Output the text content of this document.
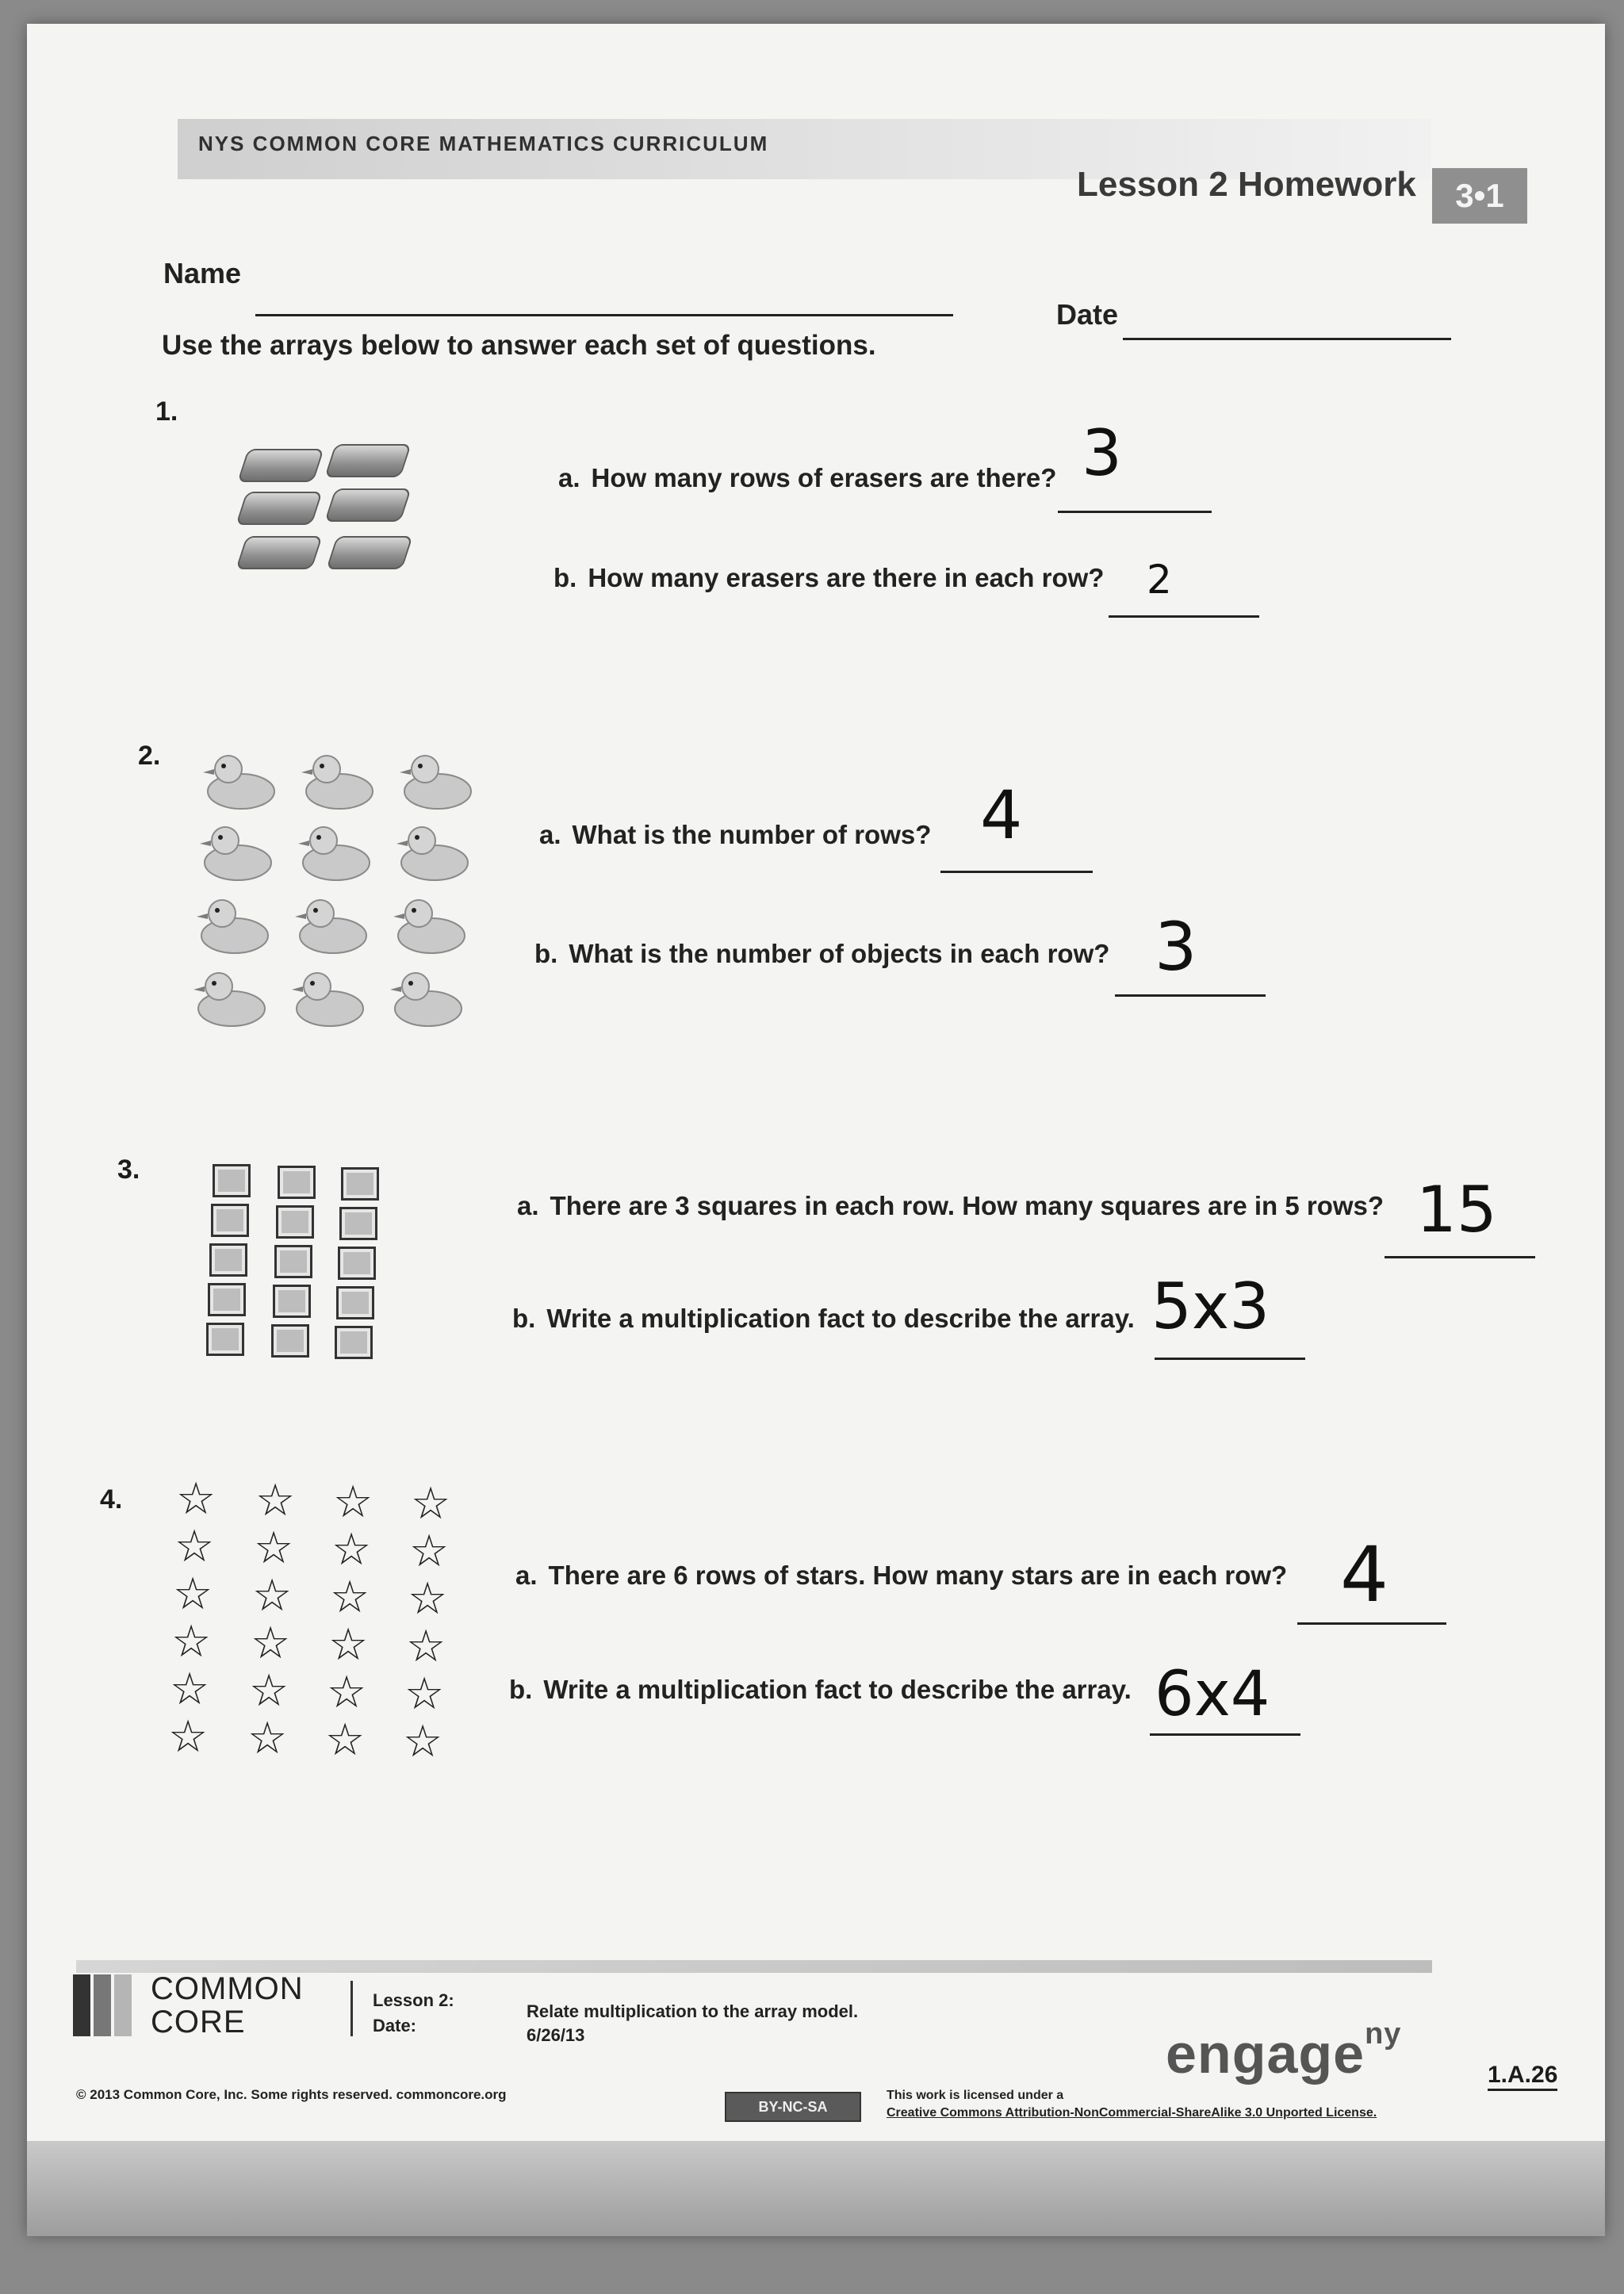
NYS COMMON CORE MATHEMATICS CURRICULUM
Lesson 2 Homework	3•1
Name
Date
Use the arrays below to answer each set of questions.
1.
a. How many rows of erasers are there? 3
b. How many erasers are there in each row? 2
2.
a. What is the number of rows? 4
b. What is the number of objects in each row? 3
3.
a. There are 3 squares in each row. How many squares are in 5 rows? 15
b. Write a multiplication fact to describe the array. 5x3
4. ☆ ☆ ☆ ☆
☆ ☆ ☆ ☆
☆ ☆ ☆ ☆
☆ ☆ ☆ ☆
☆ ☆ ☆ ☆
☆ ☆ ☆ ☆
a. There are 6 rows of stars. How many stars are in each row? 4
b. Write a multiplication fact to describe the array. 6x4
COMMON
CORE
Lesson 2:
Date:
Relate multiplication to the array model.
6/26/13
© 2013 Common Core, Inc. Some rights reserved. commoncore.org
BY-NC-SA
This work is licensed under a
Creative Commons Attribution-NonCommercial-ShareAlike 3.0 Unported License.
engage$^{ny}$
1.A.26
